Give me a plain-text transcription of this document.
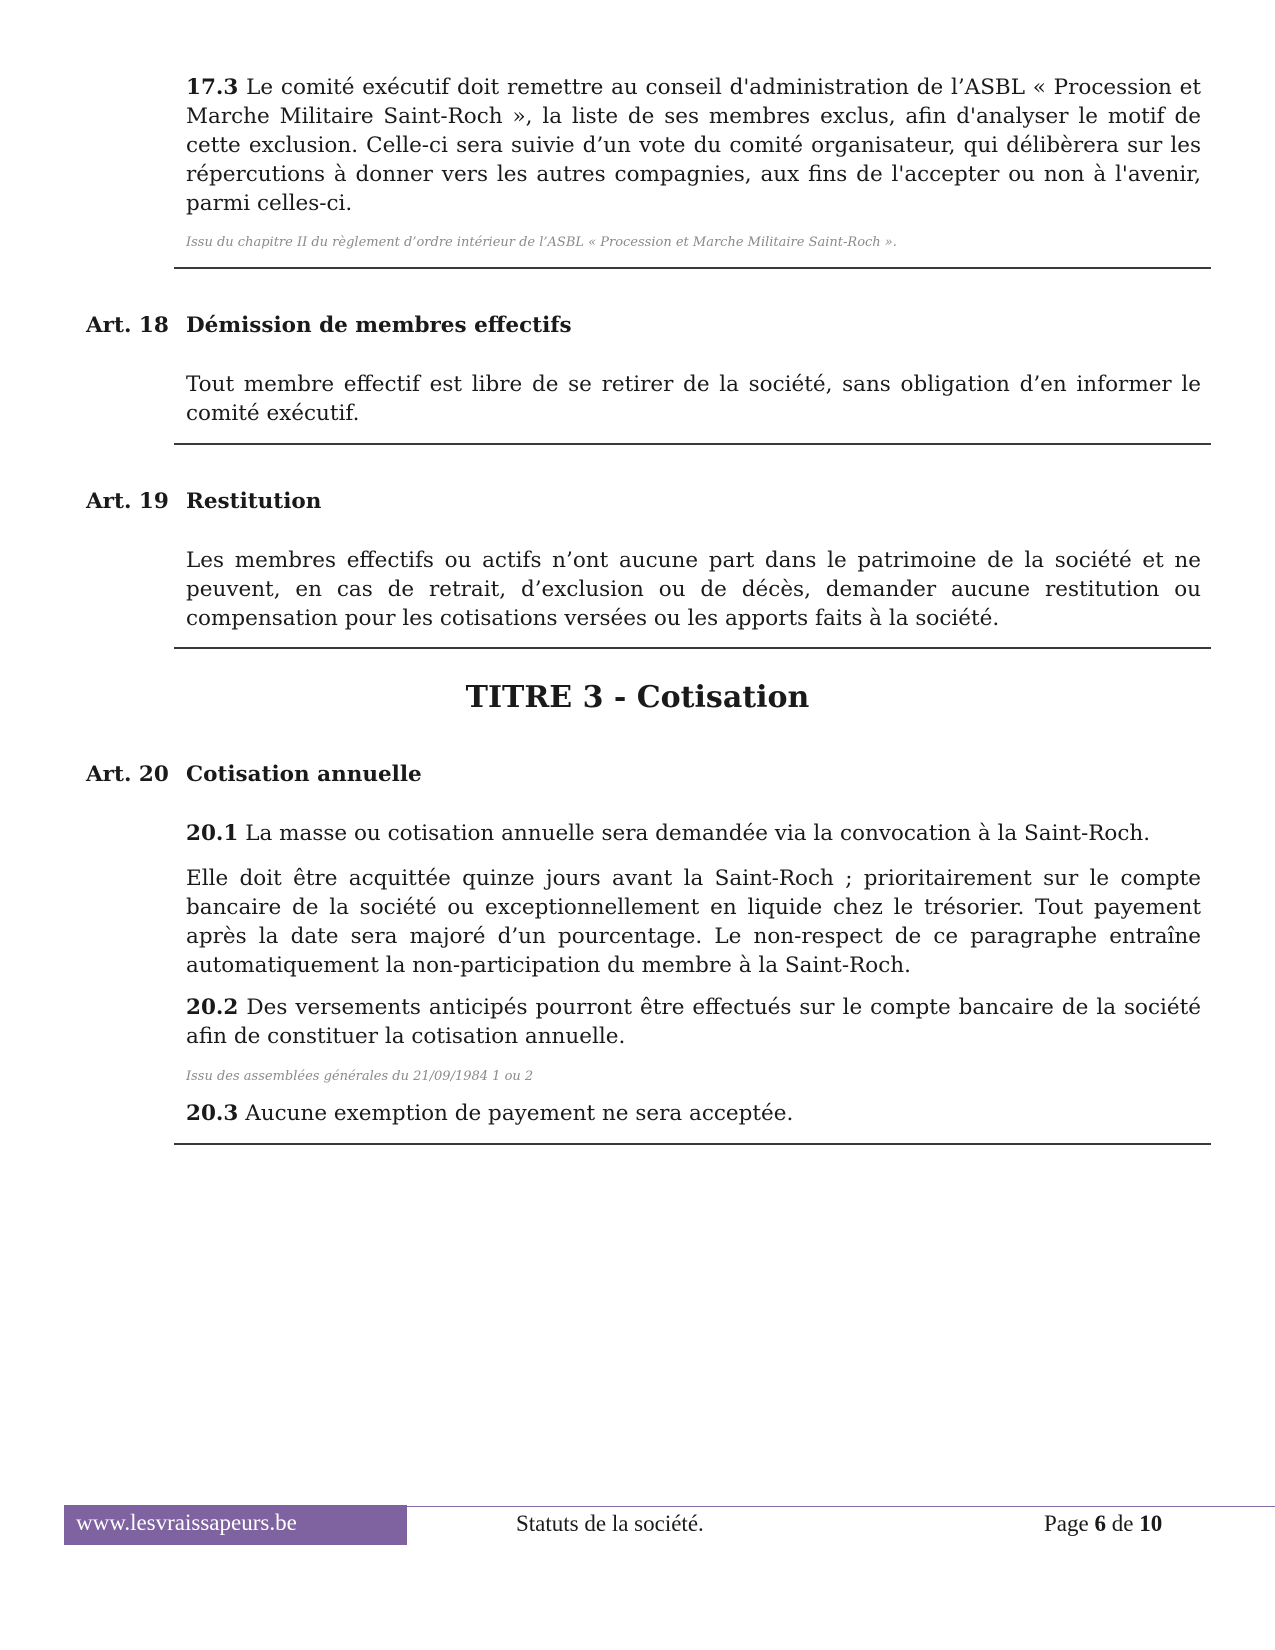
17.3 Le comité exécutif doit remettre au conseil d'administration de l’ASBL « Procession et Marche Militaire Saint-Roch », la liste de ses membres exclus, afin d'analyser le motif de cette exclusion. Celle-ci sera suivie d’un vote du comité organisateur, qui délibèrera sur les répercutions à donner vers les autres compagnies, aux fins de l'accepter ou non à l'avenir, parmi celles-ci.

Issu du chapitre II du règlement d’ordre intérieur de l’ASBL « Procession et Marche Militaire Saint-Roch ».
Art. 18 Démission de membres effectifs

Tout membre effectif est libre de se retirer de la société, sans obligation d’en informer le comité exécutif.

Art. 19 Restitution

Les membres effectifs ou actifs n’ont aucune part dans le patrimoine de la société et ne peuvent, en cas de retrait, d’exclusion ou de décès, demander aucune restitution ou compensation pour les cotisations versées ou les apports faits à la société.

TITRE 3 - Cotisation
Art. 20 Cotisation annuelle

20.1 La masse ou cotisation annuelle sera demandée via la convocation à la Saint-Roch.

Elle doit être acquittée quinze jours avant la Saint-Roch ; prioritairement sur le compte bancaire de la société ou exceptionnellement en liquide chez le trésorier. Tout payement après la date sera majoré d’un pourcentage. Le non-respect de ce paragraphe entraîne automatiquement la non-participation du membre à la Saint-Roch.

20.2 Des versements anticipés pourront être effectués sur le compte bancaire de la société afin de constituer la cotisation annuelle.

Issu des assemblées générales du 21/09/1984 1 ou 2

20.3 Aucune exemption de payement ne sera acceptée.

www.lesvraissapeurs.be	Statuts de la société.	Page 6 de 10
